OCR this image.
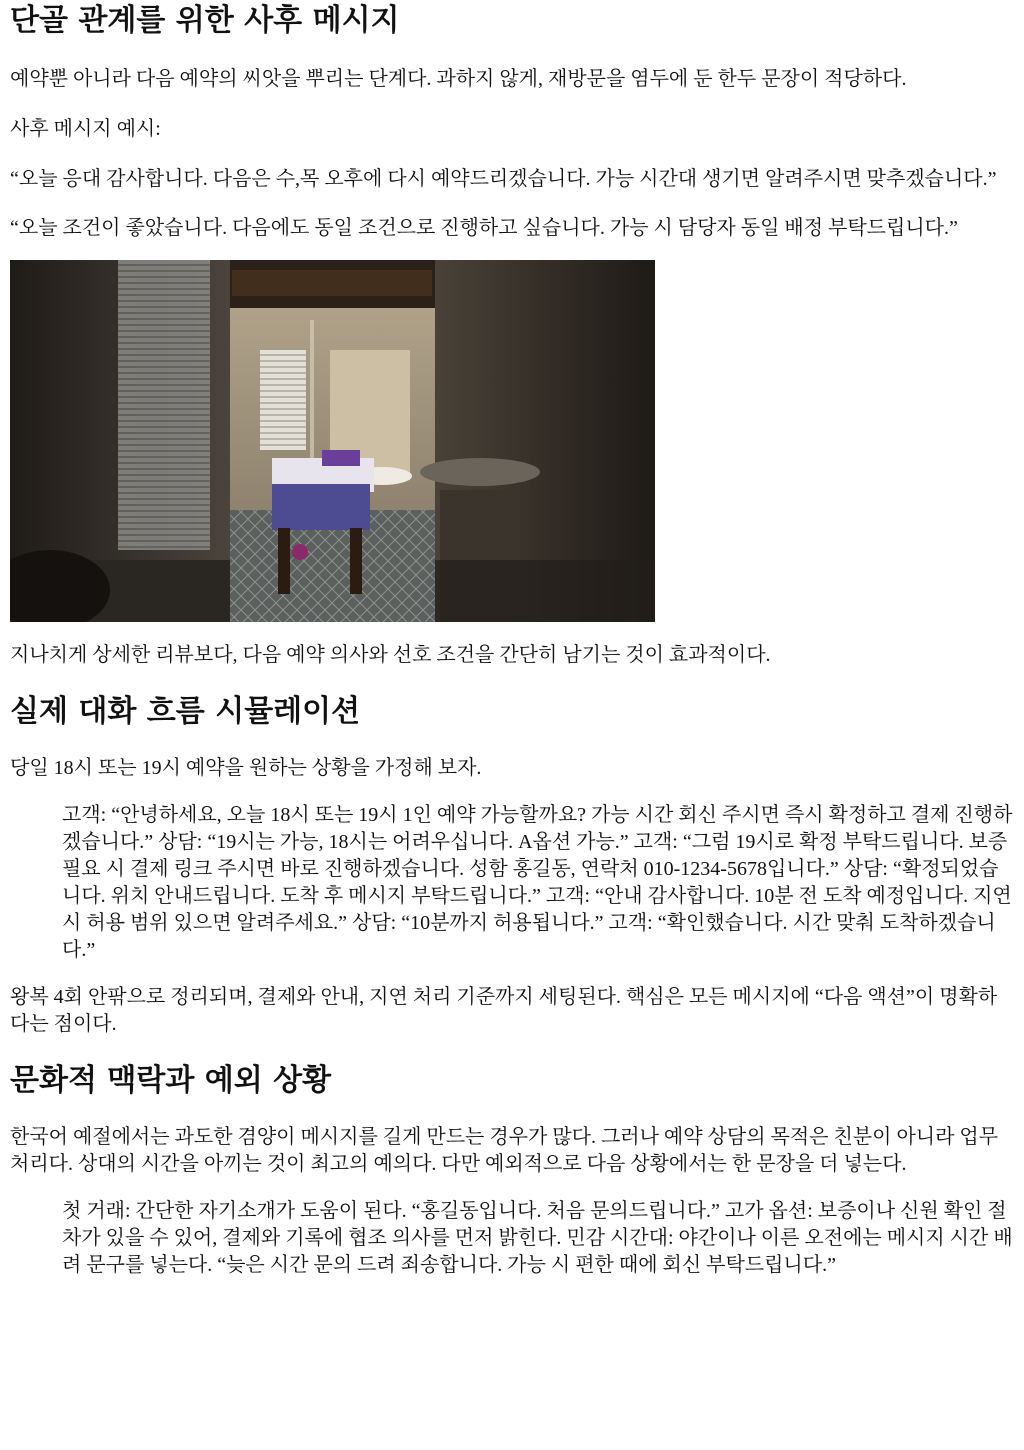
단골 관계를 위한 사후 메시지

예약뿐 아니라 다음 예약의 씨앗을 뿌리는 단계다. 과하지 않게, 재방문을 염두에 둔 한두 문장이 적당하다.

사후 메시지 예시:

“오늘 응대 감사합니다. 다음은 수,목 오후에 다시 예약드리겠습니다. 가능 시간대 생기면 알려주시면 맞추겠습니다.”

“오늘 조건이 좋았습니다. 다음에도 동일 조건으로 진행하고 싶습니다. 가능 시 담당자 동일 배정 부탁드립니다.”

지나치게 상세한 리뷰보다, 다음 예약 의사와 선호 조건을 간단히 남기는 것이 효과적이다.

실제 대화 흐름 시뮬레이션

당일 18시 또는 19시 예약을 원하는 상황을 가정해 보자.

고객: “안녕하세요, 오늘 18시 또는 19시 1인 예약 가능할까요? 가능 시간 회신 주시면 즉시 확정하고 결제 진행하겠습니다.” 상담: “19시는 가능, 18시는 어려우십니다. A옵션 가능.” 고객: “그럼 19시로 확정 부탁드립니다. 보증 필요 시 결제 링크 주시면 바로 진행하겠습니다. 성함 홍길동, 연락처 010-1234-5678입니다.” 상담: “확정되었습니다. 위치 안내드립니다. 도착 후 메시지 부탁드립니다.” 고객: “안내 감사합니다. 10분 전 도착 예정입니다. 지연 시 허용 범위 있으면 알려주세요.” 상담: “10분까지 허용됩니다.” 고객: “확인했습니다. 시간 맞춰 도착하겠습니다.”

왕복 4회 안팎으로 정리되며, 결제와 안내, 지연 처리 기준까지 세팅된다. 핵심은 모든 메시지에 “다음 액션”이 명확하다는 점이다.

문화적 맥락과 예외 상황

한국어 예절에서는 과도한 겸양이 메시지를 길게 만드는 경우가 많다. 그러나 예약 상담의 목적은 친분이 아니라 업무 처리다. 상대의 시간을 아끼는 것이 최고의 예의다. 다만 예외적으로 다음 상황에서는 한 문장을 더 넣는다.

첫 거래: 간단한 자기소개가 도움이 된다. “홍길동입니다. 처음 문의드립니다.” 고가 옵션: 보증이나 신원 확인 절차가 있을 수 있어, 결제와 기록에 협조 의사를 먼저 밝힌다. 민감 시간대: 야간이나 이른 오전에는 메시지 시간 배려 문구를 넣는다. “늦은 시간 문의 드려 죄송합니다. 가능 시 편한 때에 회신 부탁드립니다.”
